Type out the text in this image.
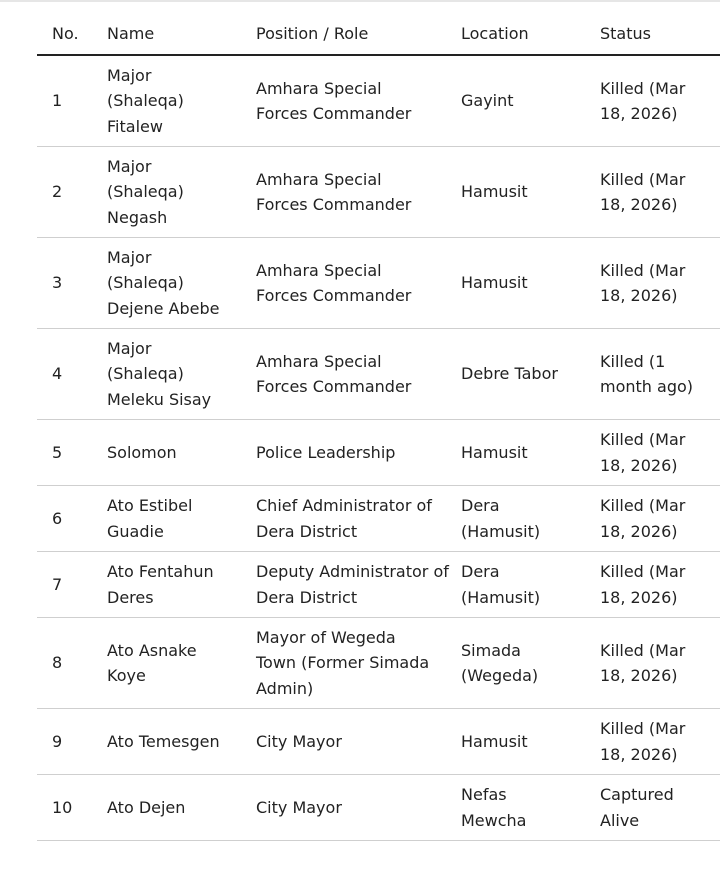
No.	Name	Position / Role	Location	Status

1	Major (Shaleqa) Fitalew	Amhara Special Forces Commander	Gayint	Killed (Mar 18, 2026)

2	Major (Shaleqa) Negash	Amhara Special Forces Commander	Hamusit	Killed (Mar 18, 2026)

3	Major (Shaleqa) Dejene Abebe	Amhara Special Forces Commander	Hamusit	Killed (Mar 18, 2026)

4	Major (Shaleqa) Meleku Sisay	Amhara Special Forces Commander	Debre Tabor	Killed (1 month ago)

5	Solomon	Police Leadership	Hamusit	Killed (Mar 18, 2026)

6	Ato Estibel Guadie	Chief Administrator of Dera District	Dera (Hamusit)	Killed (Mar 18, 2026)

7	Ato Fentahun Deres	Deputy Administrator of Dera District	Dera (Hamusit)	Killed (Mar 18, 2026)

8	Ato Asnake Koye	Mayor of Wegeda Town (Former Simada Admin)	Simada (Wegeda)	Killed (Mar 18, 2026)

9	Ato Temesgen	City Mayor	Hamusit	Killed (Mar 18, 2026)

10	Ato Dejen	City Mayor	Nefas Mewcha	Captured Alive
